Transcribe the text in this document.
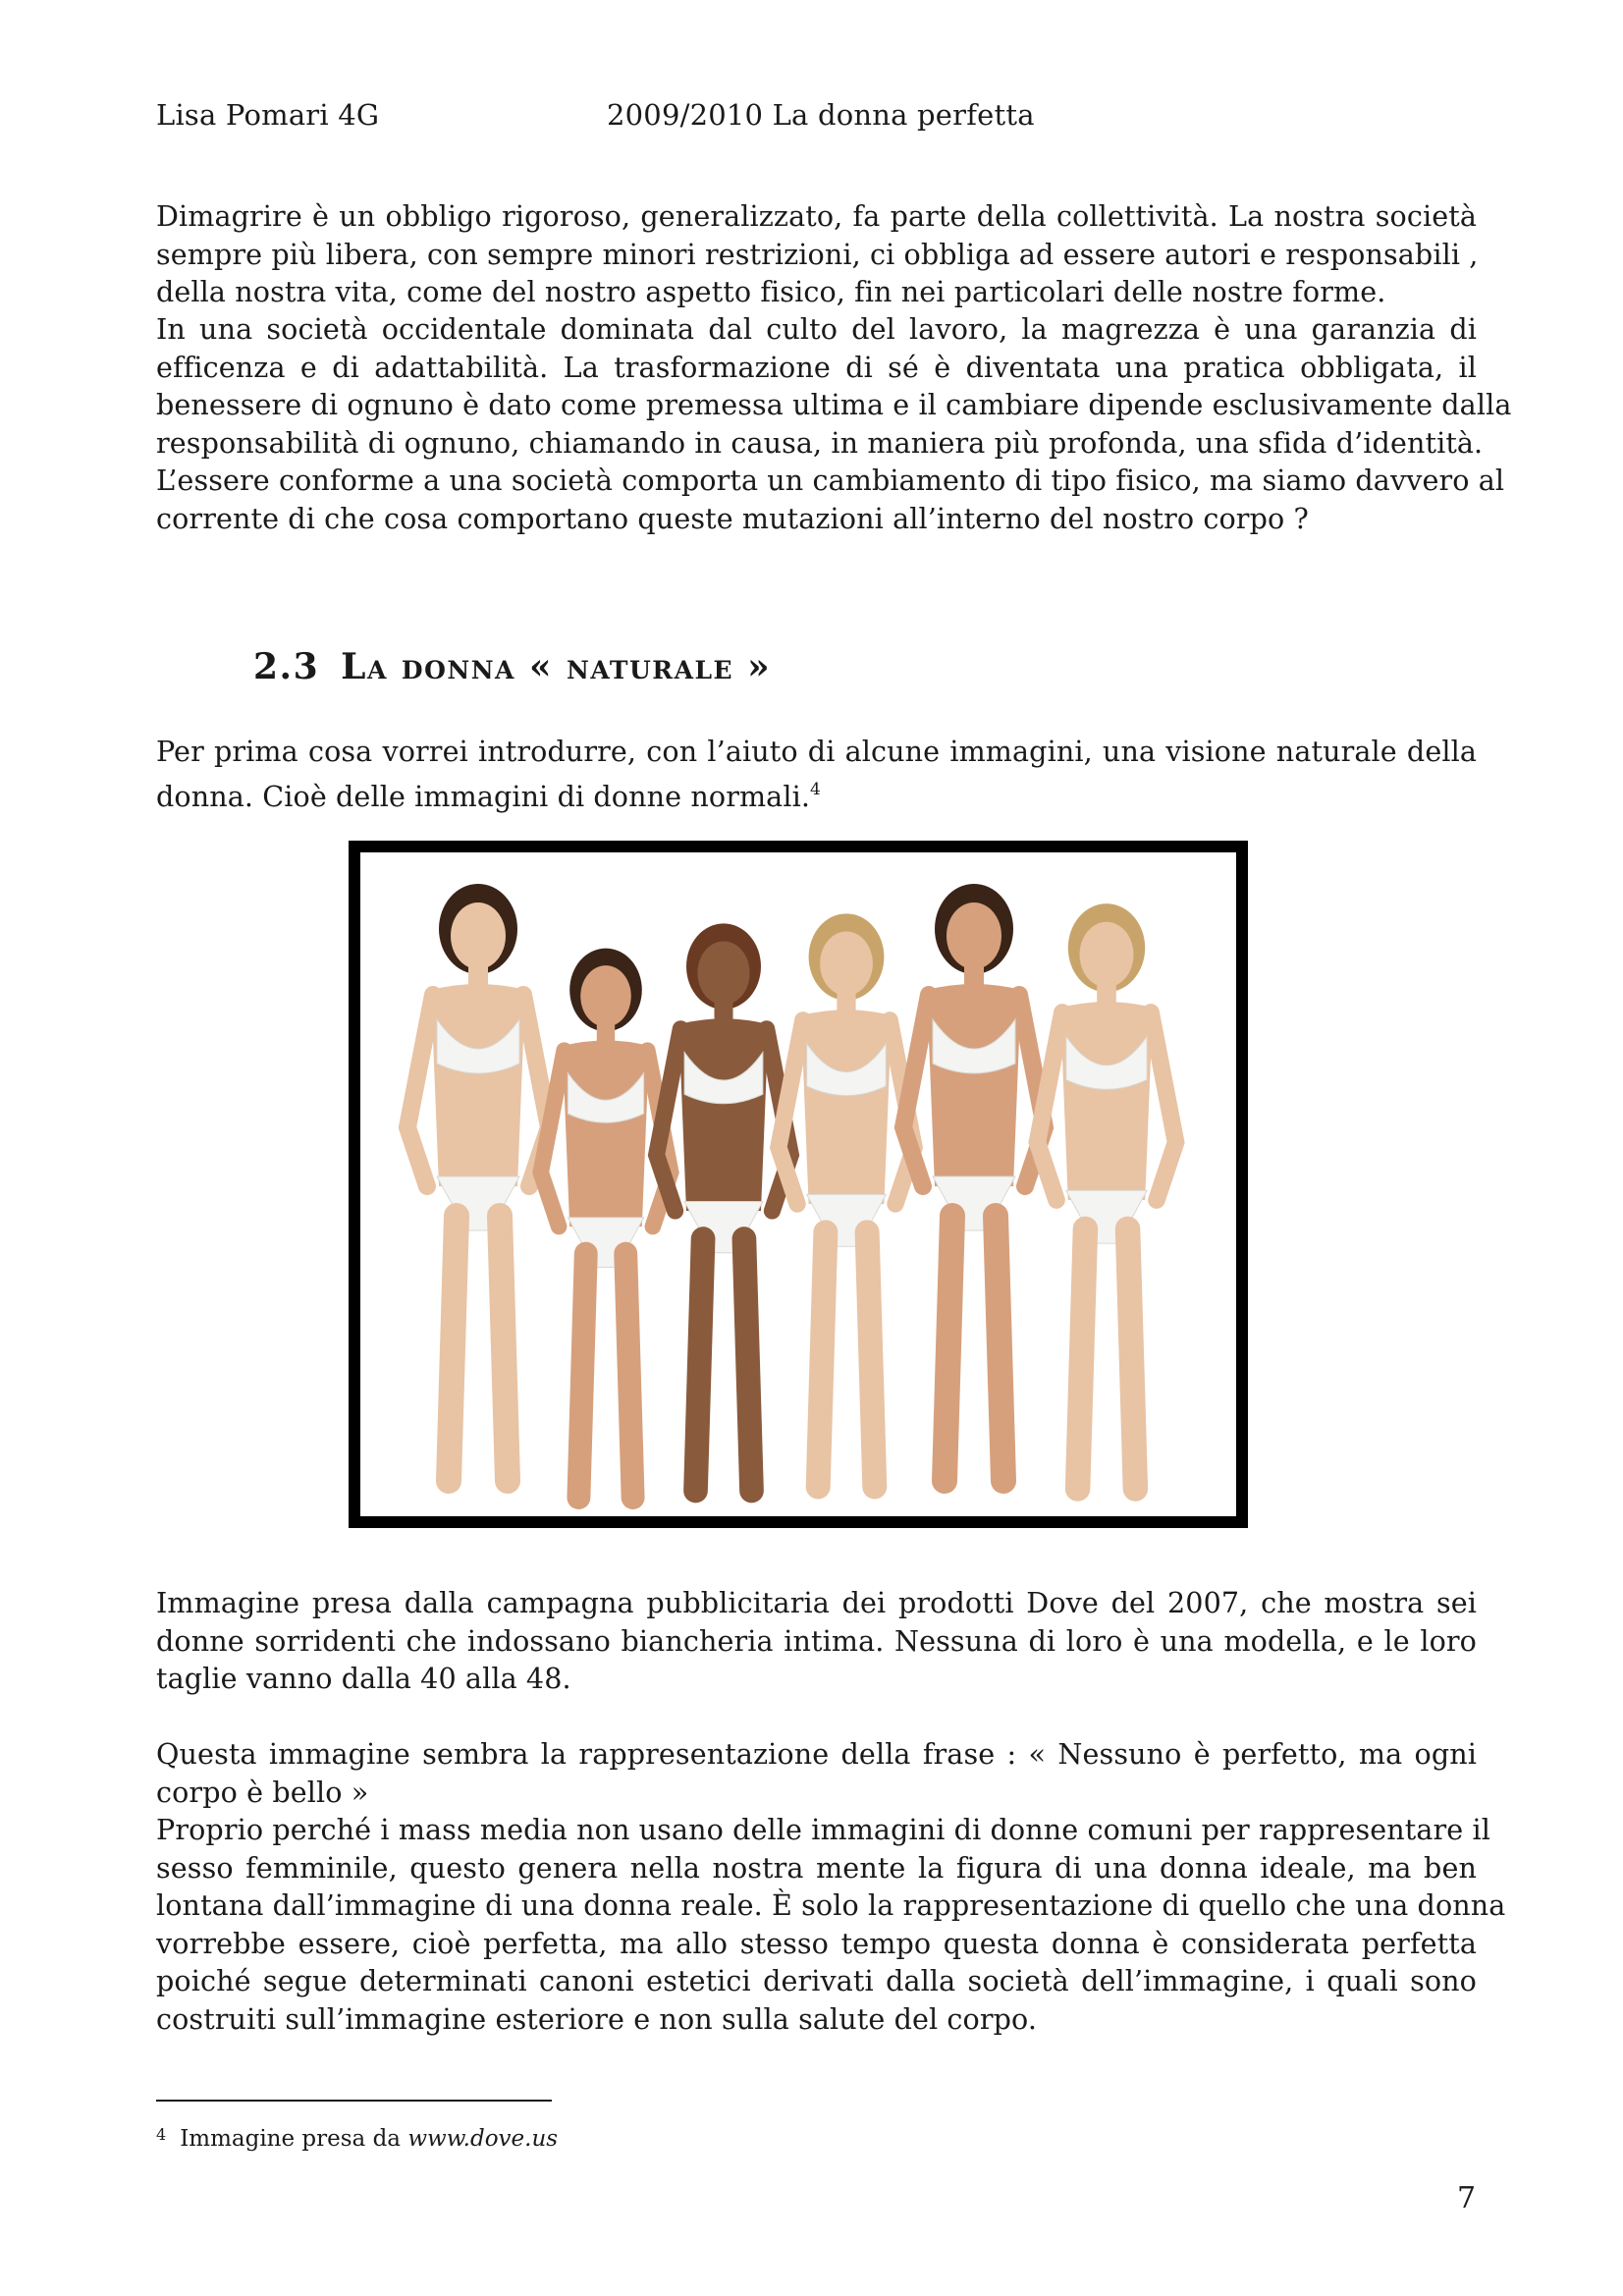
Lisa Pomari 4G	2009/2010 La donna perfetta

Dimagrire è un obbligo rigoroso, generalizzato, fa parte della collettività. La nostra società
sempre più libera, con sempre minori restrizioni, ci obbliga ad essere autori e responsabili ,
della nostra vita, come del nostro aspetto fisico, fin nei particolari delle nostre forme.

In una società occidentale dominata dal culto del lavoro, la magrezza è una garanzia di
efficenza e di adattabilità. La trasformazione di sé è diventata una pratica obbligata, il
benessere di ognuno è dato come premessa ultima e il cambiare dipende esclusivamente dalla
responsabilità di ognuno, chiamando in causa, in maniera più profonda, una sfida d’identità.

L’essere conforme a una società comporta un cambiamento di tipo fisico, ma siamo davvero al
corrente di che cosa comportano queste mutazioni all’interno del nostro corpo ?

2.3 La donna « naturale »

Per prima cosa vorrei introdurre, con l’aiuto di alcune immagini, una visione naturale della
donna. Cioè delle immagini di donne normali.$^4$

Immagine presa dalla campagna pubblicitaria dei prodotti Dove del 2007, che mostra sei
donne sorridenti che indossano biancheria intima. Nessuna di loro è una modella, e le loro
taglie vanno dalla 40 alla 48.

Questa immagine sembra la rappresentazione della frase : « Nessuno è perfetto, ma ogni
corpo è bello »

Proprio perché i mass media non usano delle immagini di donne comuni per rappresentare il
sesso femminile, questo genera nella nostra mente la figura di una donna ideale, ma ben
lontana dall’immagine di una donna reale. È solo la rappresentazione di quello che una donna
vorrebbe essere, cioè perfetta, ma allo stesso tempo questa donna è considerata perfetta
poiché segue determinati canoni estetici derivati dalla società dell’immagine, i quali sono
costruiti sull’immagine esteriore e non sulla salute del corpo.

$^4$ Immagine presa da www.dove.us
7
